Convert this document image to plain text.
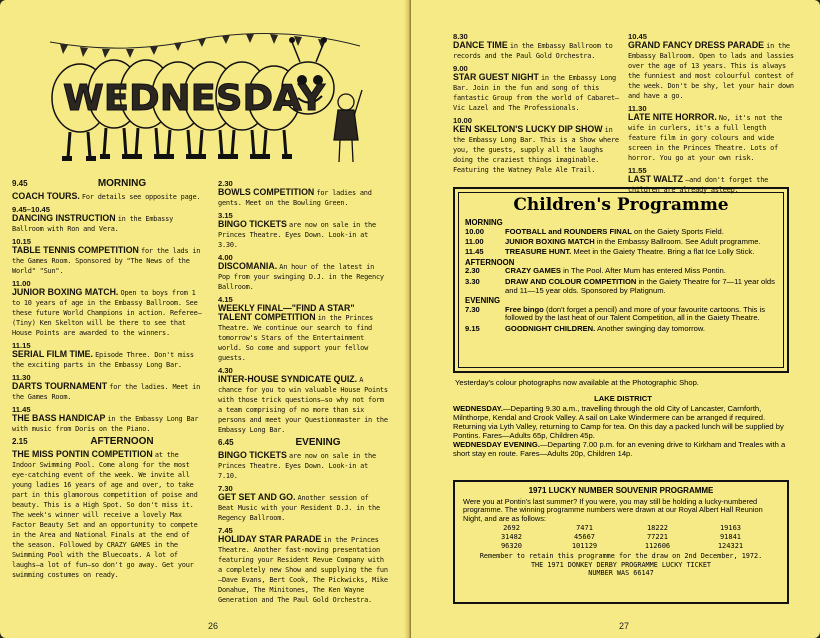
WEDNESDAY
9.45	MORNING
COACH TOURS. For details see opposite page.
9.45–10.45
DANCING INSTRUCTION in the Embassy Ballroom with Ron and Vera.
10.15
TABLE TENNIS COMPETITION for the lads in the Games Room. Sponsored by "The News of the World" "Sun".
11.00
JUNIOR BOXING MATCH. Open to boys from 1 to 10 years of age in the Embassy Ballroom. See these future World Champions in action. Referee—(Tiny) Ken Skelton will be there to see that House Points are awarded to the winners.
11.15
SERIAL FILM TIME. Episode Three. Don't miss the exciting parts in the Embassy Long Bar.
11.30
DARTS TOURNAMENT for the ladies. Meet in the Games Room.
11.45
THE BASS HANDICAP in the Embassy Long Bar with music from Doris on the Piano.
2.15	AFTERNOON
THE MISS PONTIN COMPETITION at the Indoor Swimming Pool. Come along for the most eye-catching event of the week. We invite all young ladies 16 years of age and over, to take part in this glamorous competition of poise and beauty. This is a High Spot. So don't miss it. The week's winner will receive a lovely Max Factor Beauty Set and an opportunity to compete in the Area and National Finals at the end of the season. Followed by CRAZY GAMES in the Swimming Pool with the Bluecoats. A lot of laughs—a lot of fun—so don't go away. Get your swimming costumes on ready.
2.30
BOWLS COMPETITION for ladies and gents. Meet on the Bowling Green.
3.15
BINGO TICKETS are now on sale in the Princes Theatre. Eyes Down. Look-in at 3.30.
4.00
DISCOMANIA. An hour of the latest in Pop from your swinging D.J. in the Regency Ballroom.
4.15
WEEKLY FINAL—"FIND A STAR" TALENT COMPETITION in the Princes Theatre. We continue our search to find tomorrow's Stars of the Entertainment world. So come and support your fellow guests.
4.30
INTER-HOUSE SYNDICATE QUIZ. A chance for you to win valuable House Points with those trick questions—so why not form a team comprising of no more than six persons and meet your Questionmaster in the Embassy Long Bar.
6.45	EVENING
BINGO TICKETS are now on sale in the Princes Theatre. Eyes Down. Look-in at 7.10.
7.30
GET SET AND GO. Another session of Beat Music with your Resident D.J. in the Regency Ballroom.
7.45
HOLIDAY STAR PARADE in the Princes Theatre. Another fast-moving presentation featuring your Resident Revue Company with a completely new Show and supplying the fun—Dave Evans, Bert Cook, The Pickwicks, Mike Donahue, The Minitones, The Ken Wayne Generation and The Paul Gold Orchestra.
26	27
8.30
DANCE TIME in the Embassy Ballroom to records and the Paul Gold Orchestra.
9.00
STAR GUEST NIGHT in the Embassy Long Bar. Join in the fun and song of this fantastic Group from the world of Cabaret—Vic Lazel and The Professionals.
10.00
KEN SKELTON'S LUCKY DIP SHOW in the Embassy Long Bar. This is a Show where you, the guests, supply all the laughs doing the craziest things imaginable. Featuring the Watney Pale Ale Trail.
10.45
GRAND FANCY DRESS PARADE in the Embassy Ballroom. Open to lads and lassies over the age of 13 years. This is always the funniest and most colourful contest of the week. Don't be shy, let your hair down and have a go.
11.30
LATE NITE HORROR. No, it's not the wife in curlers, it's a full length feature film in gory colours and wide screen in the Princes Theatre. Lots of horror. You go at your own risk.
11.55
LAST WALTZ —and don't forget the children are already asleep.
Children's Programme
MORNING
10.00	FOOTBALL and ROUNDERS FINAL on the Gaiety Sports Field.
11.00	JUNIOR BOXING MATCH in the Embassy Ballroom. See Adult programme.
11.45	TREASURE HUNT. Meet in the Gaiety Theatre. Bring a flat Ice Lolly Stick.
AFTERNOON
2.30	CRAZY GAMES in The Pool. After Mum has entered Miss Pontin.
3.30	DRAW AND COLOUR COMPETITION in the Gaiety Theatre for 7—11 year olds and 11—15 year olds. Sponsored by Platignum.
EVENING
7.30	Free bingo (don't forget a pencil) and more of your favourite cartoons. This is followed by the last heat of our Talent Competition, all in the Gaiety Theatre.
9.15	GOODNIGHT CHILDREN. Another swinging day tomorrow.
Yesterday's colour photographs now available at the Photographic Shop.
LAKE DISTRICT
WEDNESDAY.—Departing 9.30 a.m., travelling through the old City of Lancaster, Carnforth, Milnthorpe, Kendal and Crook Valley. A sail on Lake Windermere can be arranged if required. Returning via Lyth Valley, returning to Camp for tea. On this day a packed lunch will be supplied by Pontins. Fares—Adults 65p, Children 45p.
WEDNESDAY EVENING.—Departing 7.00 p.m. for an evening drive to Kirkham and Treales with a short stay en route. Fares—Adults 20p, Children 14p.
1971 LUCKY NUMBER SOUVENIR PROGRAMME
Were you at Pontin's last summer? If you were, you may still be holding a lucky-numbered programme. The winning programme numbers were drawn at our Royal Albert Hall Reunion Night, and are as follows:
2692	7471	18222	19163
31482	45667	77221	91841
96320	101129	112606	124321
Remember to retain this programme for the draw on 2nd December, 1972.
THE 1971 DONKEY DERBY PROGRAMME LUCKY TICKET
NUMBER WAS 66147
